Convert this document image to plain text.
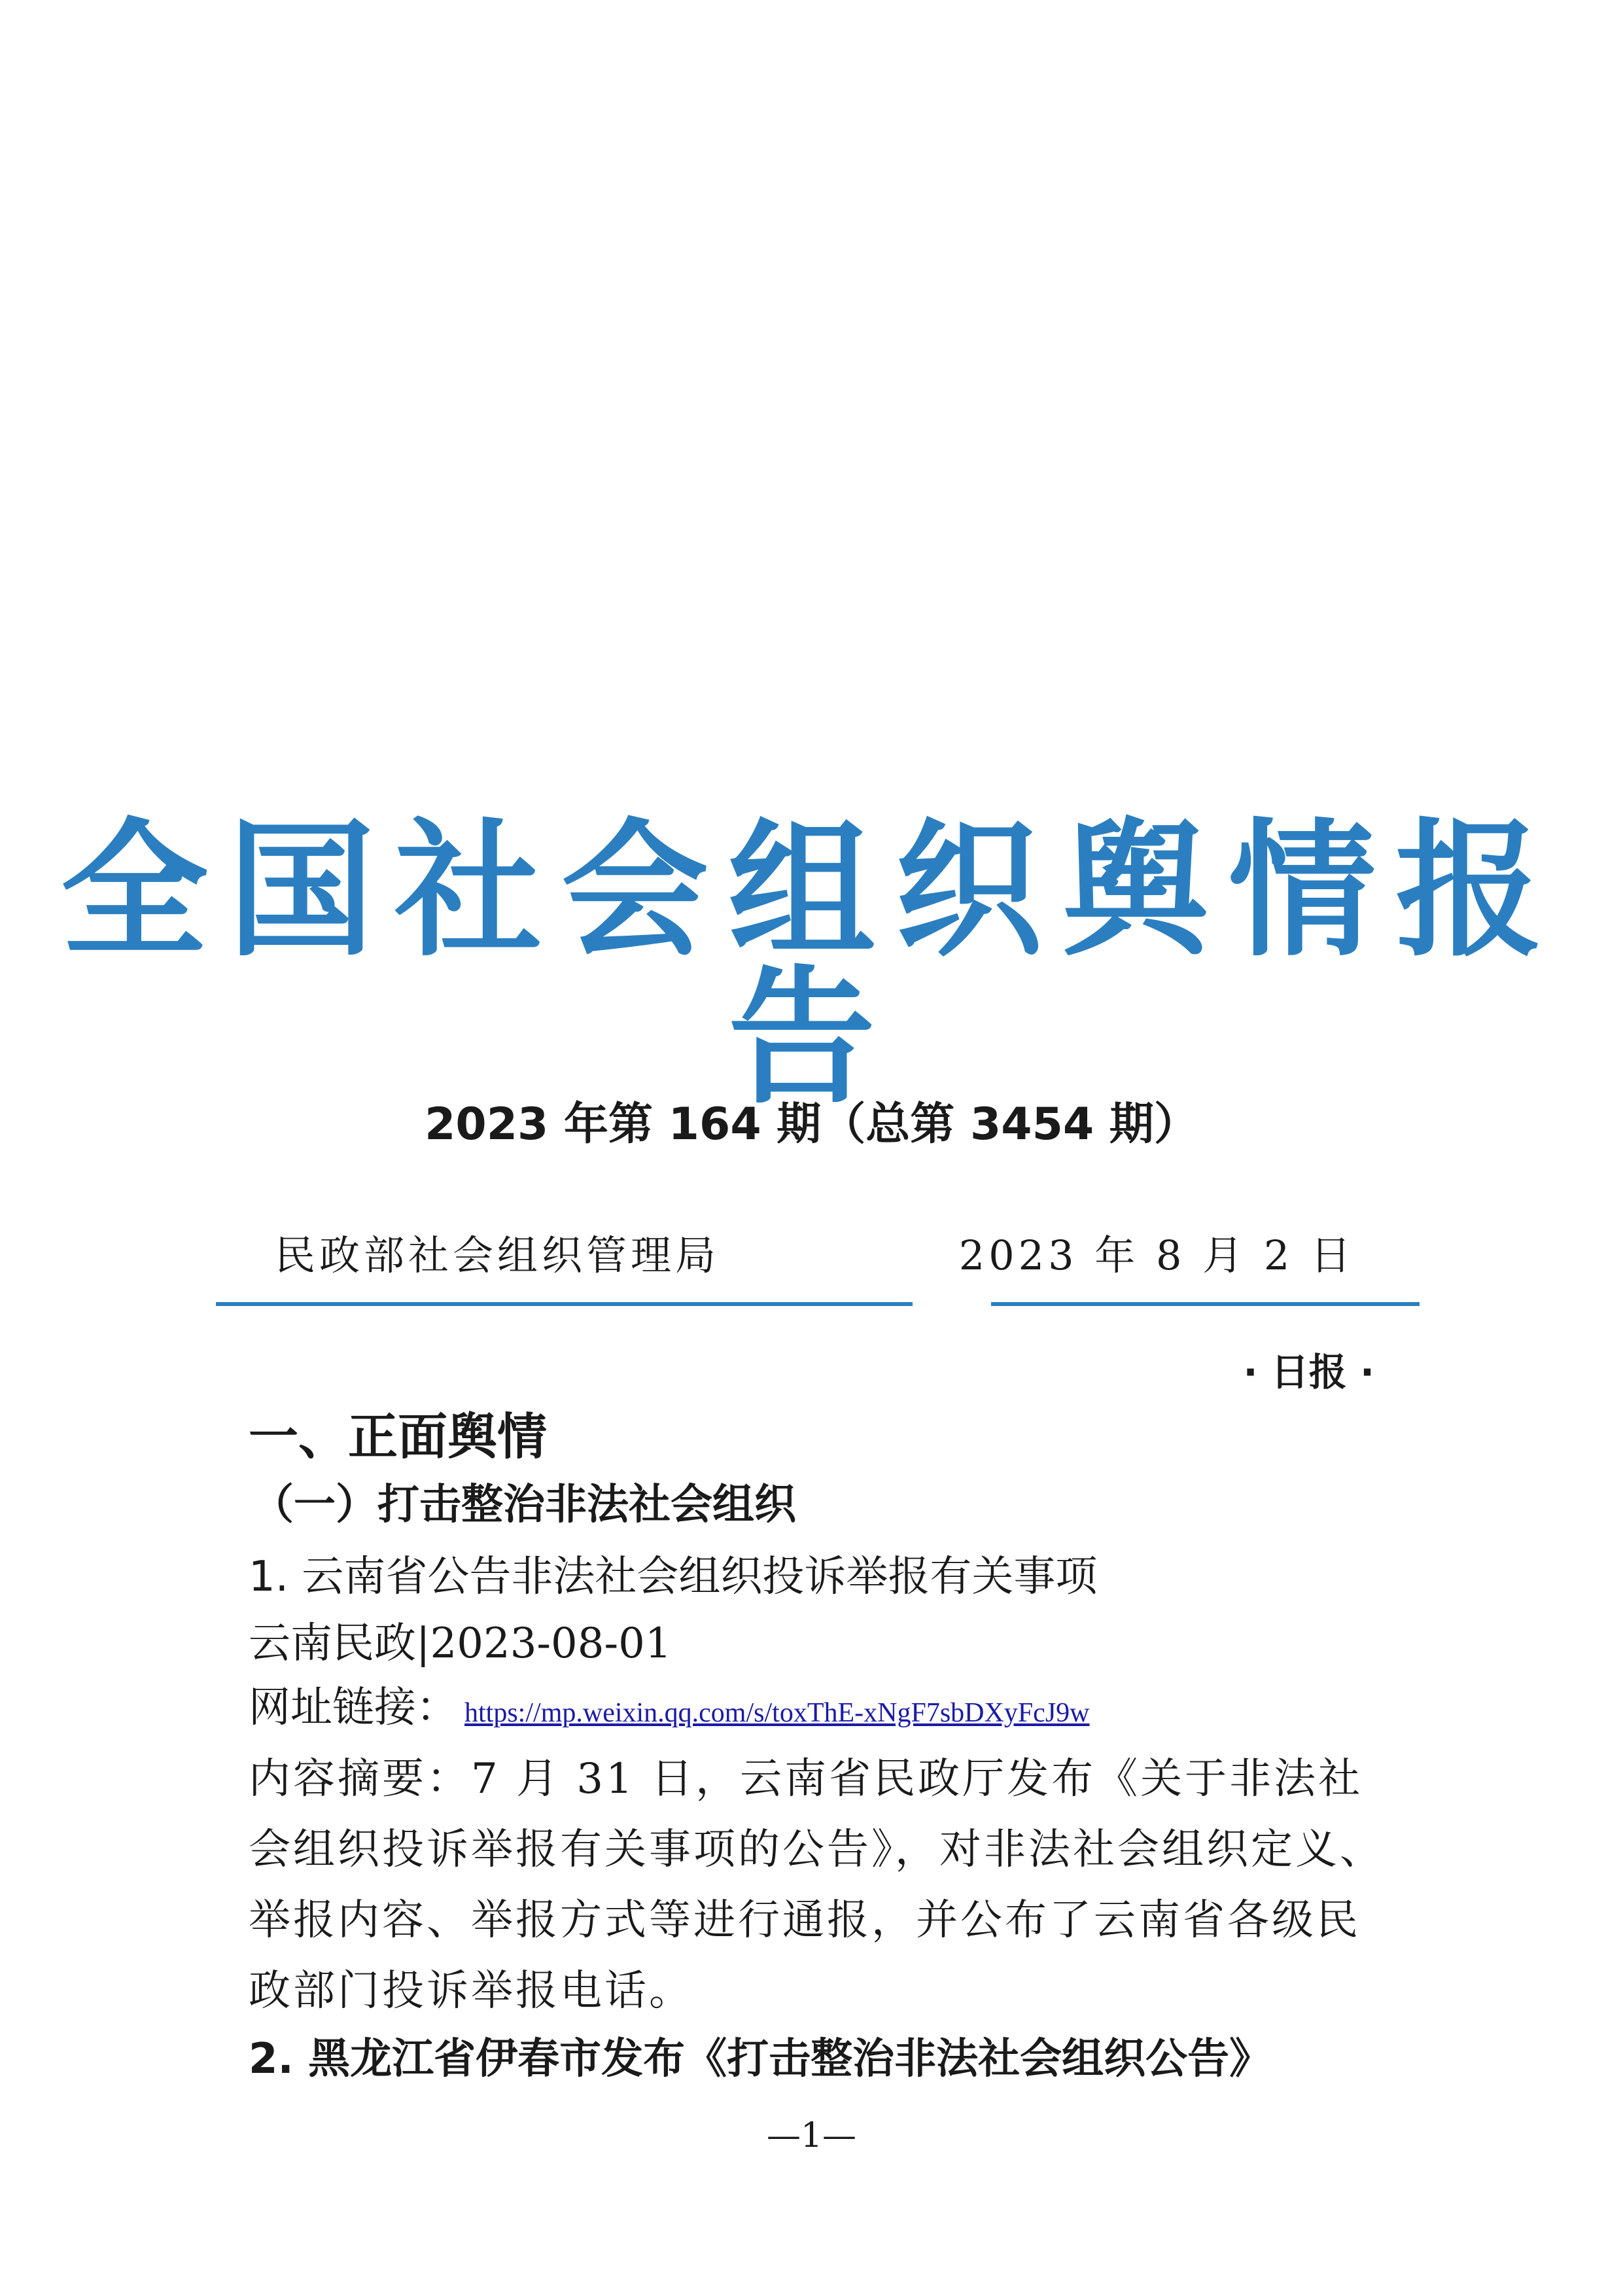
全国社会组织舆情报告
2023 年第 164 期（总第 3454 期）
民政部社会组织管理局	2023 年 8 月 2 日
· 日报 ·
一、正面舆情
（一）打击整治非法社会组织
1. 云南省公告非法社会组织投诉举报有关事项
云南民政|2023-08-01
网址链接： https://mp.weixin.qq.com/s/toxThE-xNgF7sbDXyFcJ9w
内容摘要：7 月 31 日，云南省民政厅发布《关于非法社会组织投诉举报有关事项的公告》，对非法社会组织定义、举报内容、举报方式等进行通报，并公布了云南省各级民政部门投诉举报电话。
2. 黑龙江省伊春市发布《打击整治非法社会组织公告》
—1—
